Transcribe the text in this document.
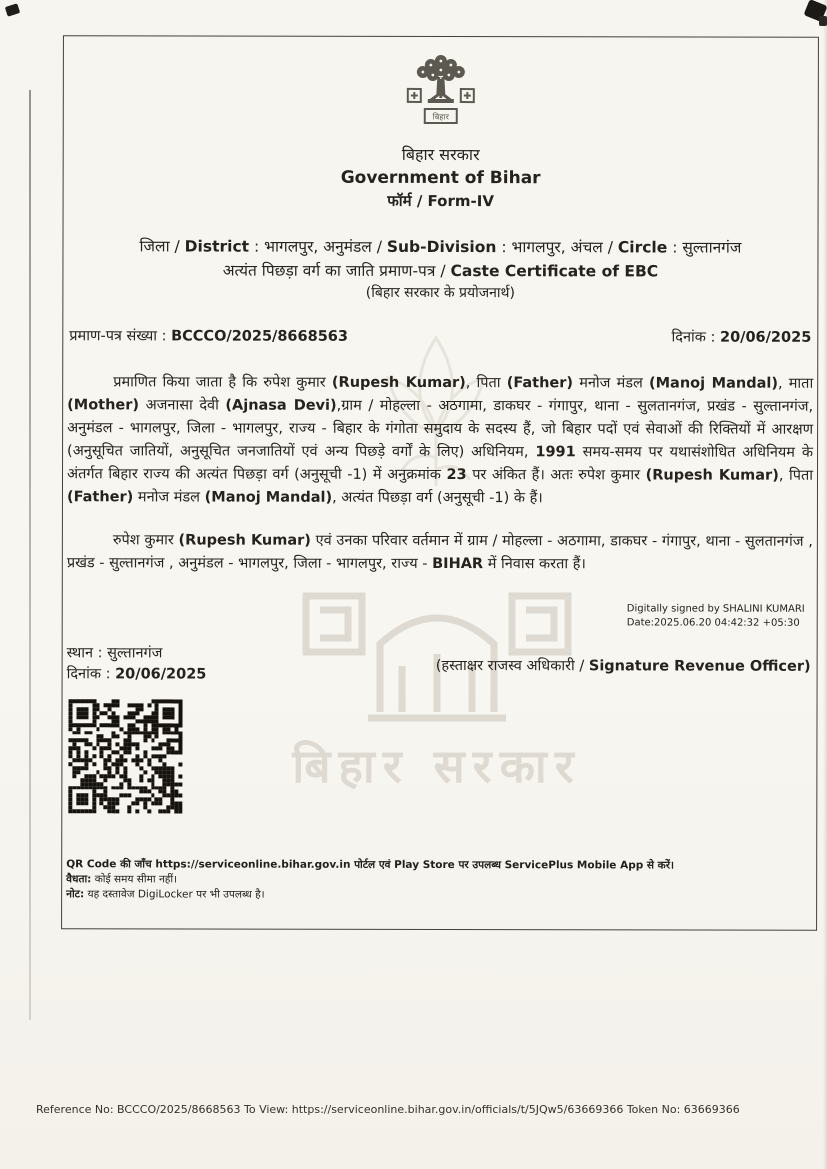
बिहार सरकार
बिहार
बिहार सरकार
Government of Bihar
फॉर्म / Form-IV
जिला / District : भागलपुर, अनुमंडल / Sub-Division : भागलपुर, अंचल / Circle : सुल्तानगंज
अत्यंत पिछड़ा वर्ग का जाति प्रमाण-पत्र / Caste Certificate of EBC
(बिहार सरकार के प्रयोजनार्थ)
प्रमाण-पत्र संख्या : BCCCO/2025/8668563	दिनांक : 20/06/2025
प्रमाणित किया जाता है कि रुपेश कुमार (Rupesh Kumar), पिता (Father) मनोज मंडल (Manoj Mandal), माता (Mother) अजनासा देवी (Ajnasa Devi),ग्राम / मोहल्ला - अठगामा, डाकघर - गंगापुर, थाना - सुलतानगंज, प्रखंड - सुल्तानगंज, अनुमंडल - भागलपुर, जिला - भागलपुर, राज्य - बिहार के गंगोता समुदाय के सदस्य हैं, जो बिहार पदों एवं सेवाओं की रिक्तियों में आरक्षण (अनुसूचित जातियों, अनुसूचित जनजातियों एवं अन्य पिछड़े वर्गों के लिए) अधिनियम, 1991 समय-समय पर यथासंशोधित अधिनियम के अंतर्गत बिहार राज्य की अत्यंत पिछड़ा वर्ग (अनुसूची -1) में अनुक्रमांक 23 पर अंकित हैं। अतः रुपेश कुमार (Rupesh Kumar), पिता (Father) मनोज मंडल (Manoj Mandal), अत्यंत पिछड़ा वर्ग (अनुसूची -1) के हैं।
रुपेश कुमार (Rupesh Kumar) एवं उनका परिवार वर्तमान में ग्राम / मोहल्ला - अठगामा, डाकघर - गंगापुर, थाना - सुलतानगंज , प्रखंड - सुल्तानगंज , अनुमंडल - भागलपुर, जिला - भागलपुर, राज्य - BIHAR में निवास करता हैं।
Digitally signed by SHALINI KUMARI
Date:2025.06.20 04:42:32 +05:30
स्थान : सुल्तानगंज
दिनांक : 20/06/2025
(हस्ताक्षर राजस्व अधिकारी / Signature Revenue Officer)
QR Code की जाँच https://serviceonline.bihar.gov.in पोर्टल एवं Play Store पर उपलब्ध ServicePlus Mobile App से करें।
वैधता: कोई समय सीमा नहीं।
नोट: यह दस्तावेज DigiLocker पर भी उपलब्ध है।
Reference No: BCCCO/2025/8668563 To View: https://serviceonline.bihar.gov.in/officials/t/5JQw5/63669366 Token No: 63669366
